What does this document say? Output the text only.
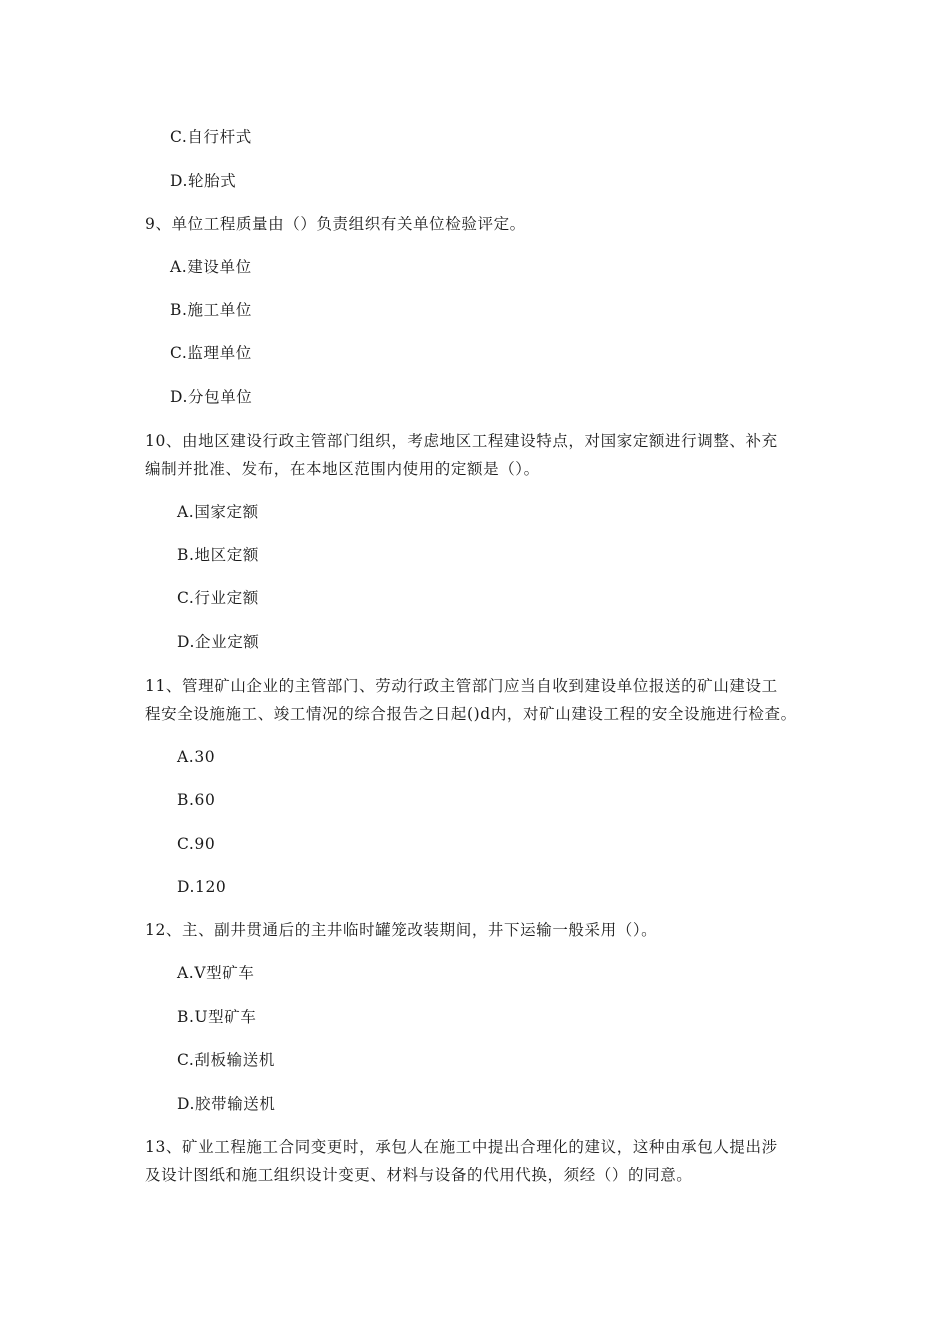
C.自行杆式
D.轮胎式
9、单位工程质量由（）负责组织有关单位检验评定。
A.建设单位
B.施工单位
C.监理单位
D.分包单位
10、由地区建设行政主管部门组织，考虑地区工程建设特点，对国家定额进行调整、补充
编制并批准、发布，在本地区范围内使用的定额是（）。
A.国家定额
B.地区定额
C.行业定额
D.企业定额
11、管理矿山企业的主管部门、劳动行政主管部门应当自收到建设单位报送的矿山建设工
程安全设施施工、竣工情况的综合报告之日起()d内，对矿山建设工程的安全设施进行检查。
A.30
B.60
C.90
D.120
12、主、副井贯通后的主井临时罐笼改装期间，井下运输一般采用（）。
A.V型矿车
B.U型矿车
C.刮板输送机
D.胶带输送机
13、矿业工程施工合同变更时，承包人在施工中提出合理化的建议，这种由承包人提出涉
及设计图纸和施工组织设计变更、材料与设备的代用代换，须经（）的同意。
